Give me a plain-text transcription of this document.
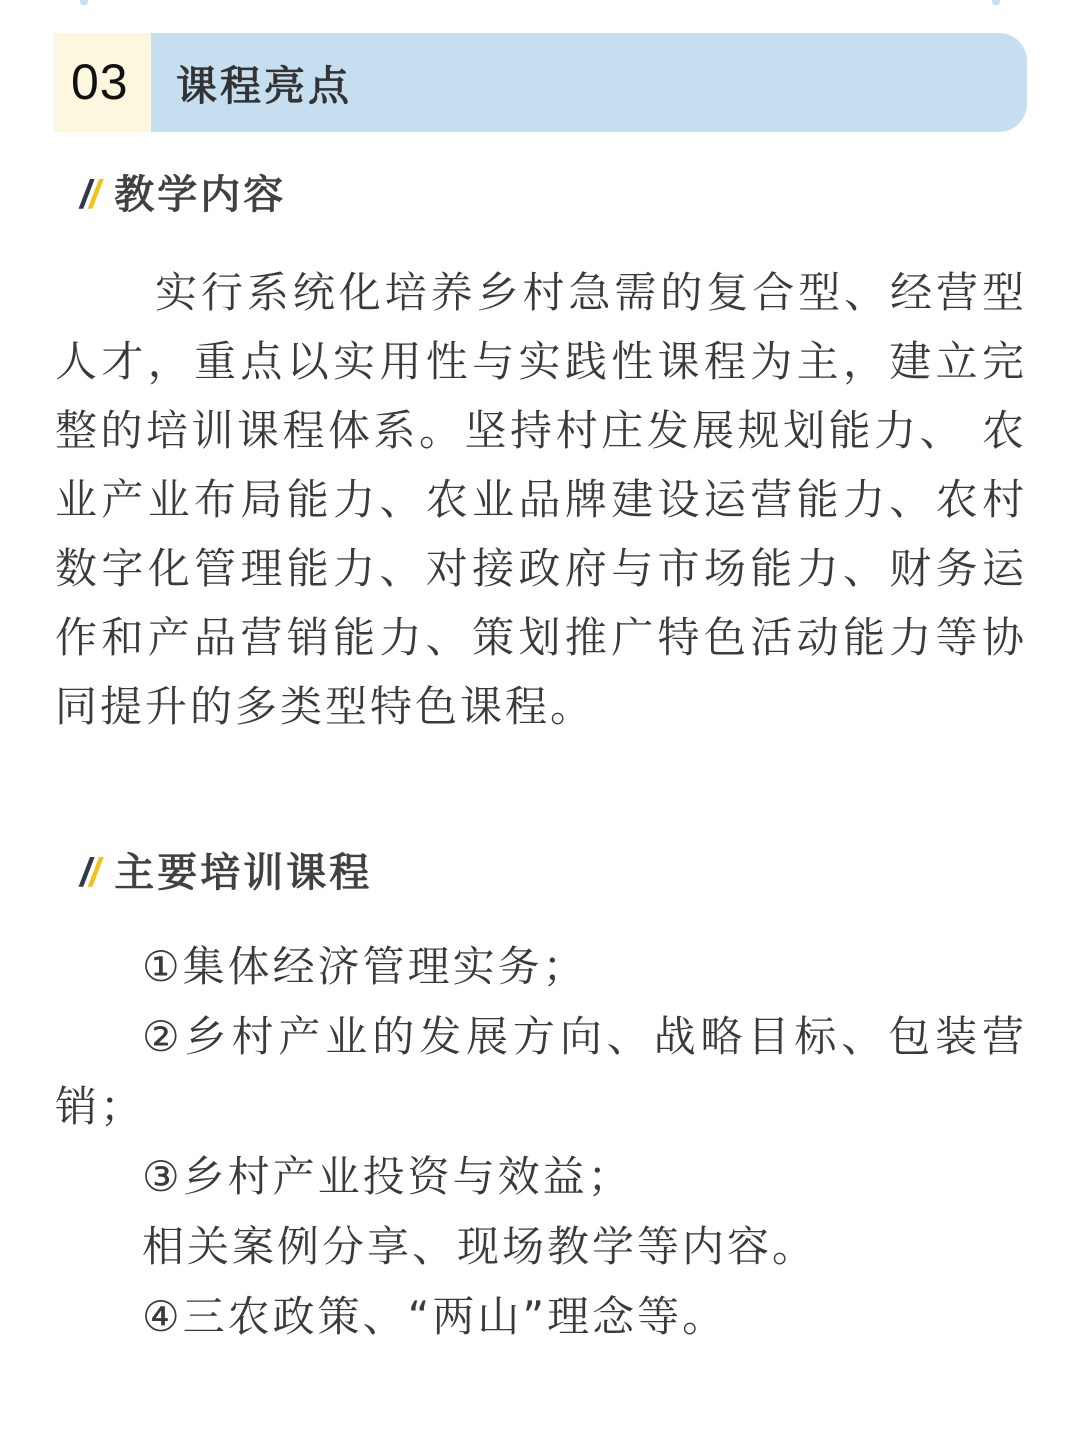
03 课程亮点
// 教学内容

实行系统化培养乡村急需的复合型、经营型人才，重点以实用性与实践性课程为主，建立完整的培训课程体系。坚持村庄发展规划能力、 农业产业布局能力、农业品牌建设运营能力、农村数字化管理能力、对接政府与市场能力、财务运作和产品营销能力、策划推广特色活动能力等协同提升的多类型特色课程。

// 主要培训课程
①集体经济管理实务；
②乡村产业的发展方向、战略目标、包装营销；
③乡村产业投资与效益；
相关案例分享、现场教学等内容。
④三农政策、“两山”理念等。
